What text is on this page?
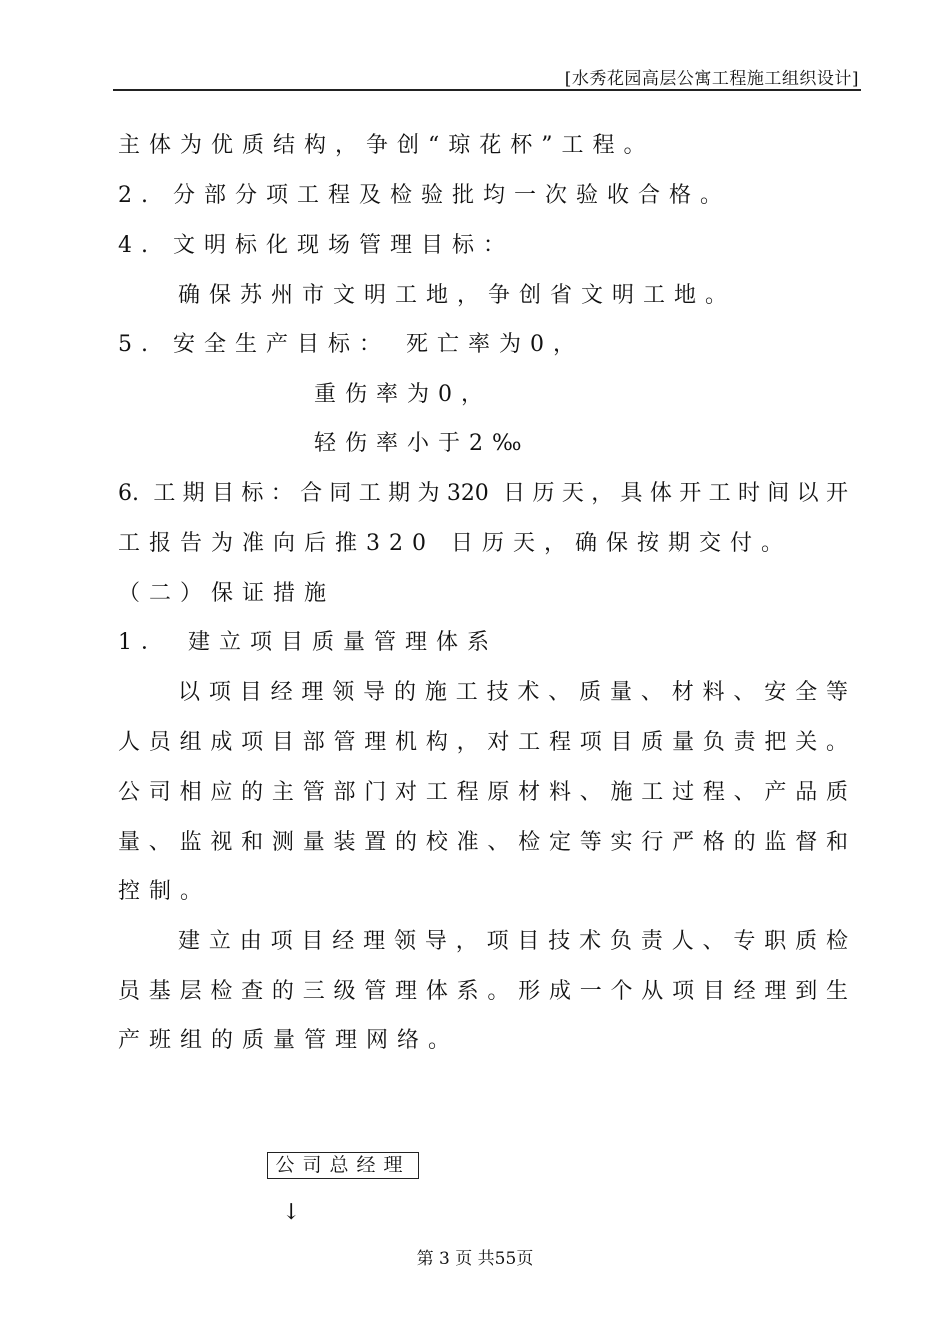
[水秀花园高层公寓工程施工组织设计]
主体为优质结构，争创“琼花杯”工程。
2. 分部分项工程及检验批均一次验收合格。
4. 文明标化现场管理目标：
确保苏州市文明工地，争创省文明工地。
5. 安全生产目标： 死亡率为0，
重伤率为0，
轻伤率小于2‰
6. 工期目标：合同工期为320 日历天，具体开工时间以开
工报告为准向后推320 日历天，确保按期交付。
（二）保证措施
1． 建立项目质量管理体系
以项目经理领导的施工技术、质量、材料、安全等
人员组成项目部管理机构，对工程项目质量负责把关。
公司相应的主管部门对工程原材料、施工过程、产品质
量、监视和测量装置的校准、检定等实行严格的监督和
控制。
建立由项目经理领导，项目技术负责人、专职质检
员基层检查的三级管理体系。形成一个从项目经理到生
产班组的质量管理网络。
公司总经理
↓
第 3 页 共55页
